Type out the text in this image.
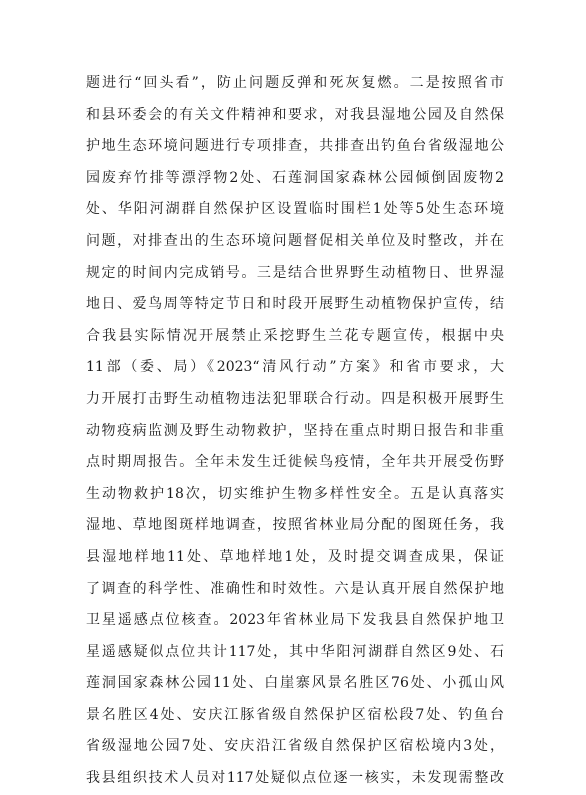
题进行“回头看”，防止问题反弹和死灰复燃。二是按照省市
和县环委会的有关文件精神和要求，对我县湿地公园及自然保
护地生态环境问题进行专项排查，共排查出钓鱼台省级湿地公
园废弃竹排等漂浮物2处、石莲洞国家森林公园倾倒固废物2
处、华阳河湖群自然保护区设置临时围栏1处等5处生态环境
问题，对排查出的生态环境问题督促相关单位及时整改，并在
规定的时间内完成销号。三是结合世界野生动植物日、世界湿
地日、爱鸟周等特定节日和时段开展野生动植物保护宣传，结
合我县实际情况开展禁止采挖野生兰花专题宣传，根据中央
11部（委、局）《2023“清风行动”方案》和省市要求，大
力开展打击野生动植物违法犯罪联合行动。四是积极开展野生
动物疫病监测及野生动物救护，坚持在重点时期日报告和非重
点时期周报告。全年未发生迁徙候鸟疫情，全年共开展受伤野
生动物救护18次，切实维护生物多样性安全。五是认真落实
湿地、草地图斑样地调查，按照省林业局分配的图斑任务，我
县湿地样地11处、草地样地1处，及时提交调查成果，保证
了调查的科学性、准确性和时效性。六是认真开展自然保护地
卫星遥感点位核查。2023年省林业局下发我县自然保护地卫
星遥感疑似点位共计117处，其中华阳河湖群自然区9处、石
莲洞国家森林公园11处、白崖寨风景名胜区76处、小孤山风
景名胜区4处、安庆江豚省级自然保护区宿松段7处、钓鱼台
省级湿地公园7处、安庆沿江省级自然保护区宿松境内3处，
我县组织技术人员对117处疑似点位逐一核实，未发现需整改
